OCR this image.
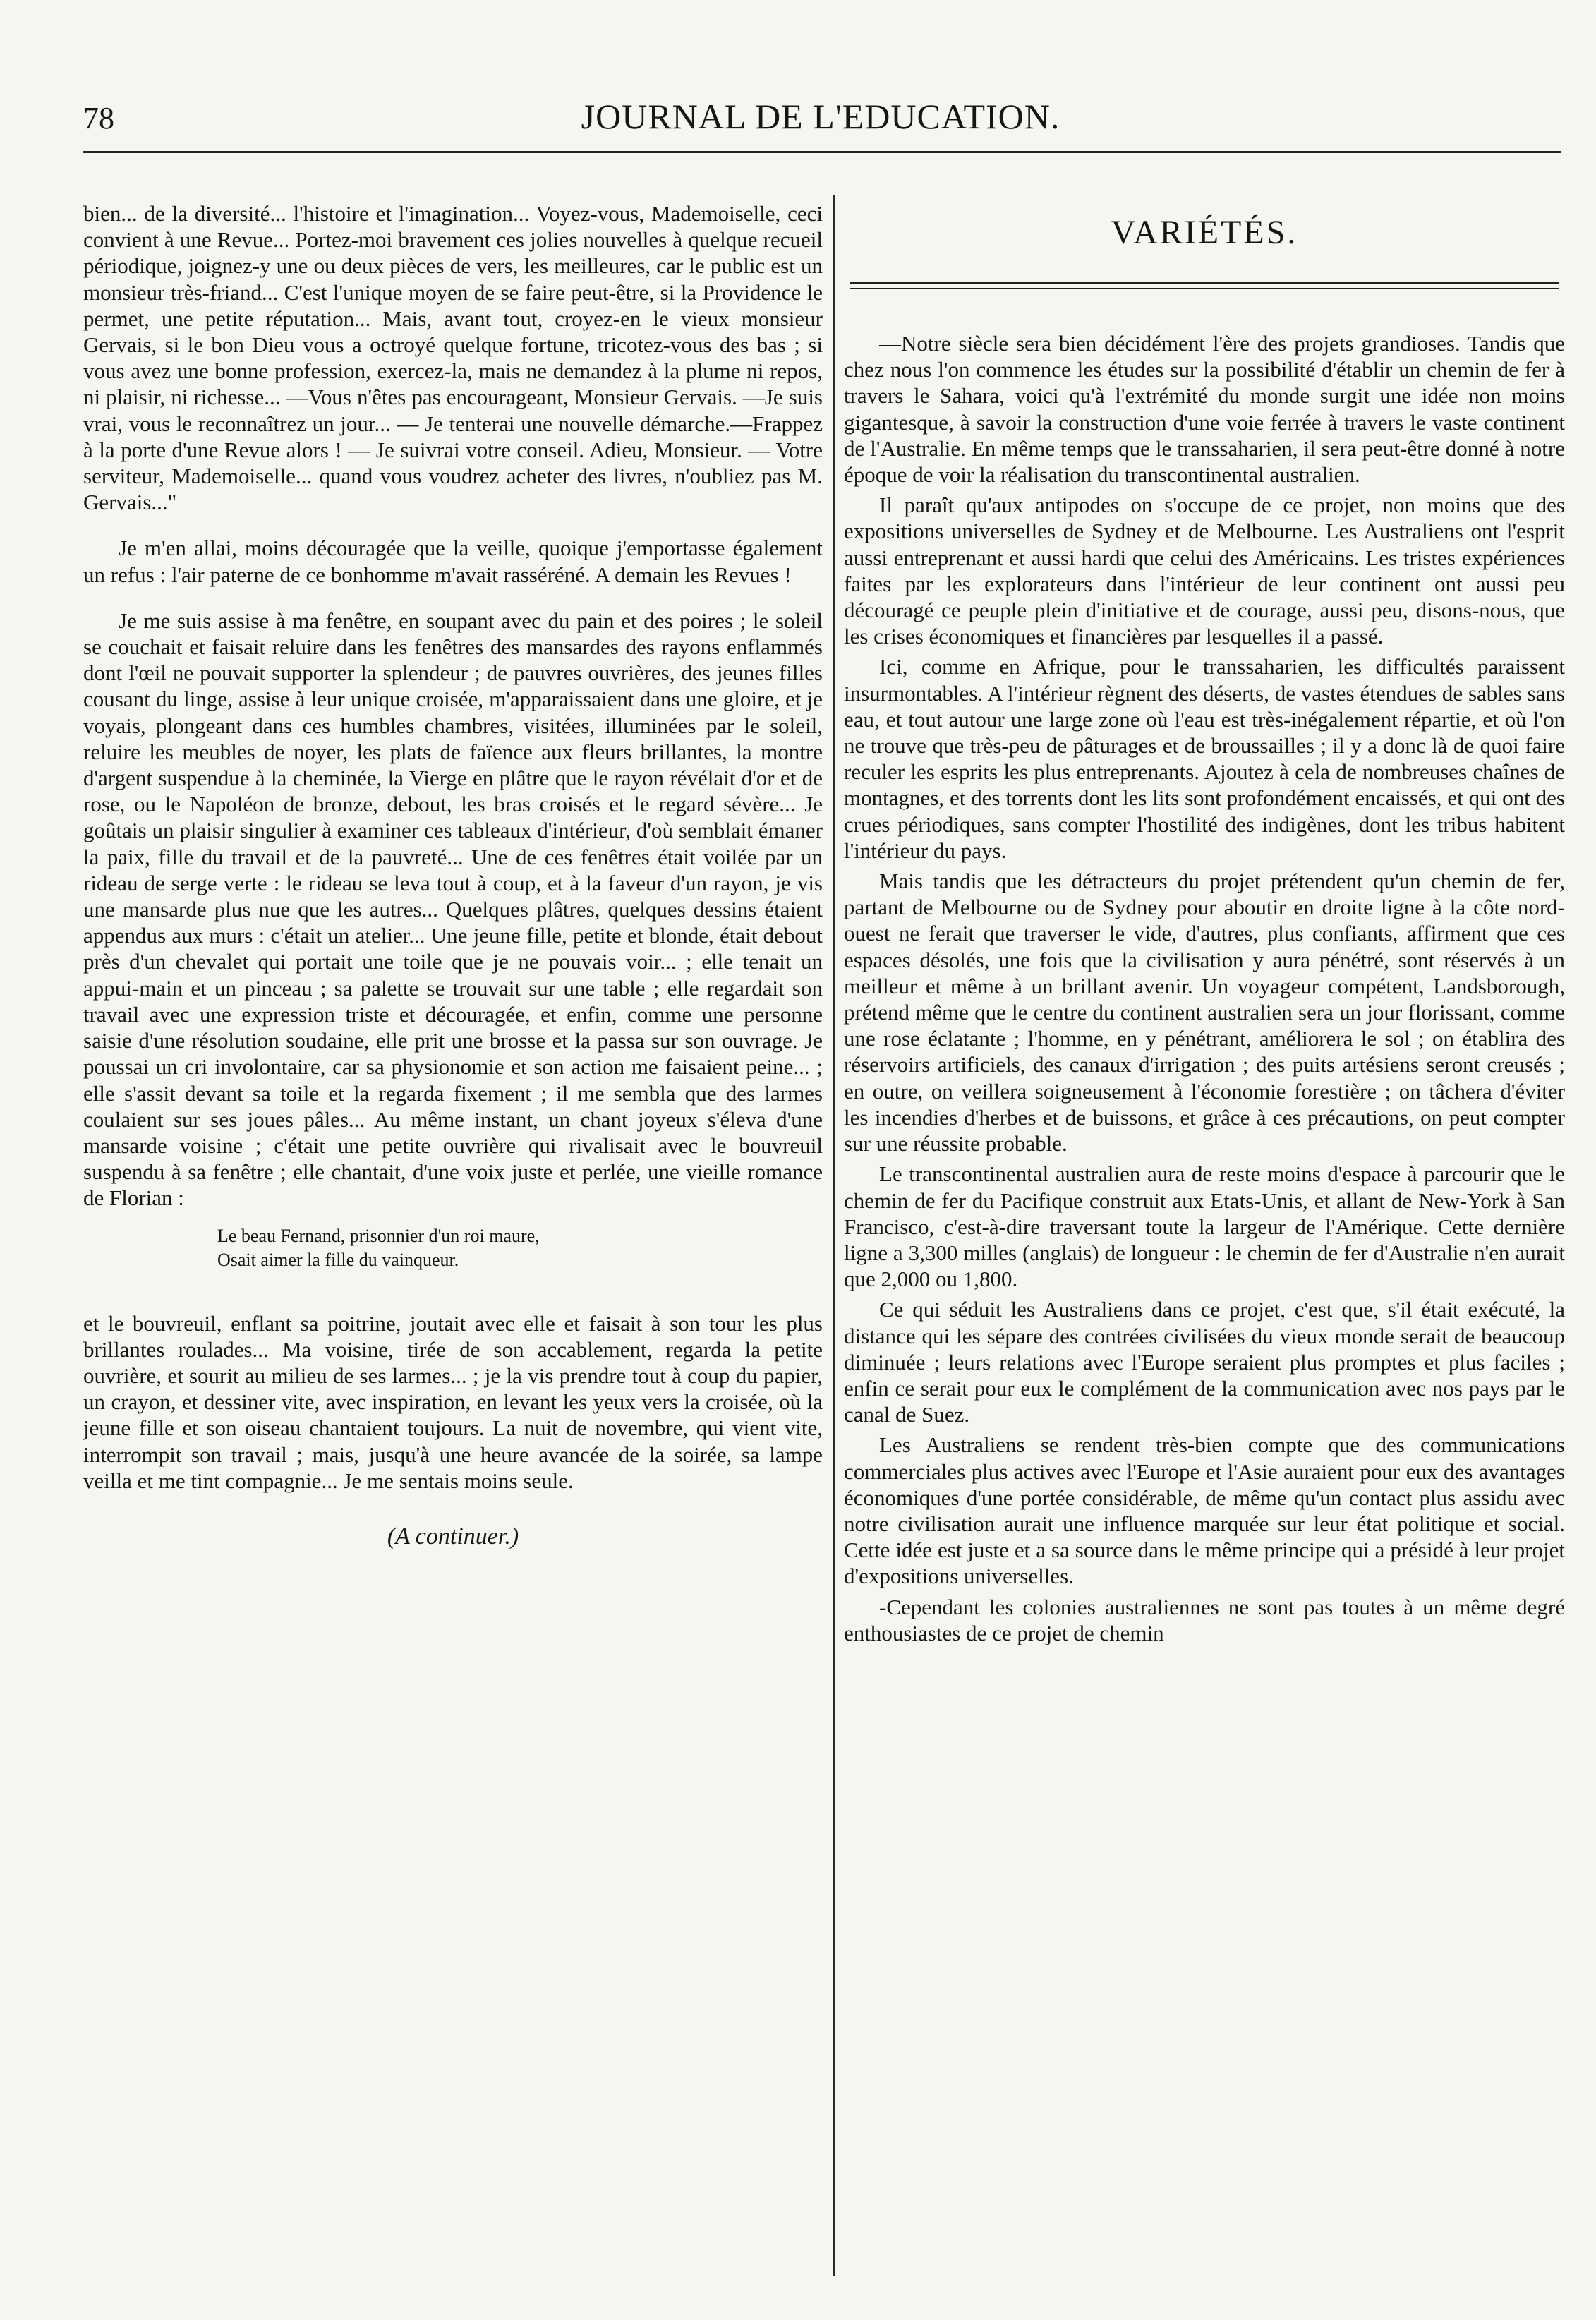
78	JOURNAL DE L'EDUCATION.

bien... de la diversité... l'histoire et l'imagination... Voyez-vous, Mademoiselle, ceci convient à une Revue... Portez-moi bravement ces jolies nouvelles à quelque recueil périodique, joignez-y une ou deux pièces de vers, les meilleures, car le public est un monsieur très-friand... C'est l'unique moyen de se faire peut-être, si la Providence le permet, une petite réputation... Mais, avant tout, croyez-en le vieux monsieur Gervais, si le bon Dieu vous a octroyé quelque fortune, tricotez-vous des bas ; si vous avez une bonne profession, exercez-la, mais ne demandez à la plume ni repos, ni plaisir, ni richesse... —Vous n'êtes pas encourageant, Monsieur Gervais. —Je suis vrai, vous le reconnaîtrez un jour... — Je tenterai une nouvelle démarche.—Frappez à la porte d'une Revue alors ! — Je suivrai votre conseil. Adieu, Monsieur. — Votre serviteur, Mademoiselle... quand vous voudrez acheter des livres, n'oubliez pas M. Gervais..."

Je m'en allai, moins découragée que la veille, quoique j'emportasse également un refus : l'air paterne de ce bonhomme m'avait rasséréné. A demain les Revues !

Je me suis assise à ma fenêtre, en soupant avec du pain et des poires ; le soleil se couchait et faisait reluire dans les fenêtres des mansardes des rayons enflammés dont l'œil ne pouvait supporter la splendeur ; de pauvres ouvrières, des jeunes filles cousant du linge, assise à leur unique croisée, m'apparaissaient dans une gloire, et je voyais, plongeant dans ces humbles chambres, visitées, illuminées par le soleil, reluire les meubles de noyer, les plats de faïence aux fleurs brillantes, la montre d'argent suspendue à la cheminée, la Vierge en plâtre que le rayon révélait d'or et de rose, ou le Napoléon de bronze, debout, les bras croisés et le regard sévère... Je goûtais un plaisir singulier à examiner ces tableaux d'intérieur, d'où semblait émaner la paix, fille du travail et de la pauvreté... Une de ces fenêtres était voilée par un rideau de serge verte : le rideau se leva tout à coup, et à la faveur d'un rayon, je vis une mansarde plus nue que les autres... Quelques plâtres, quelques dessins étaient appendus aux murs : c'était un atelier... Une jeune fille, petite et blonde, était debout près d'un chevalet qui portait une toile que je ne pouvais voir... ; elle tenait un appui-main et un pinceau ; sa palette se trouvait sur une table ; elle regardait son travail avec une expression triste et découragée, et enfin, comme une personne saisie d'une résolution soudaine, elle prit une brosse et la passa sur son ouvrage. Je poussai un cri involontaire, car sa physionomie et son action me faisaient peine... ; elle s'assit devant sa toile et la regarda fixement ; il me sembla que des larmes coulaient sur ses joues pâles... Au même instant, un chant joyeux s'éleva d'une mansarde voisine ; c'était une petite ouvrière qui rivalisait avec le bouvreuil suspendu à sa fenêtre ; elle chantait, d'une voix juste et perlée, une vieille romance de Florian :

Le beau Fernand, prisonnier d'un roi maure,
Osait aimer la fille du vainqueur.

et le bouvreuil, enflant sa poitrine, joutait avec elle et faisait à son tour les plus brillantes roulades... Ma voisine, tirée de son accablement, regarda la petite ouvrière, et sourit au milieu de ses larmes... ; je la vis prendre tout à coup du papier, un crayon, et dessiner vite, avec inspiration, en levant les yeux vers la croisée, où la jeune fille et son oiseau chantaient toujours. La nuit de novembre, qui vient vite, interrompit son travail ; mais, jusqu'à une heure avancée de la soirée, sa lampe veilla et me tint compagnie... Je me sentais moins seule.

(A continuer.)
VARIÉTÉS.

—Notre siècle sera bien décidément l'ère des projets grandioses. Tandis que chez nous l'on commence les études sur la possibilité d'établir un chemin de fer à travers le Sahara, voici qu'à l'extrémité du monde surgit une idée non moins gigantesque, à savoir la construction d'une voie ferrée à travers le vaste continent de l'Australie. En même temps que le transsaharien, il sera peut-être donné à notre époque de voir la réalisation du transcontinental australien.

Il paraît qu'aux antipodes on s'occupe de ce projet, non moins que des expositions universelles de Sydney et de Melbourne. Les Australiens ont l'esprit aussi entreprenant et aussi hardi que celui des Américains. Les tristes expériences faites par les explorateurs dans l'intérieur de leur continent ont aussi peu découragé ce peuple plein d'initiative et de courage, aussi peu, disons-nous, que les crises économiques et financières par lesquelles il a passé.

Ici, comme en Afrique, pour le transsaharien, les difficultés paraissent insurmontables. A l'intérieur règnent des déserts, de vastes étendues de sables sans eau, et tout autour une large zone où l'eau est très-inégalement répartie, et où l'on ne trouve que très-peu de pâturages et de broussailles ; il y a donc là de quoi faire reculer les esprits les plus entreprenants. Ajoutez à cela de nombreuses chaînes de montagnes, et des torrents dont les lits sont profondément encaissés, et qui ont des crues périodiques, sans compter l'hostilité des indigènes, dont les tribus habitent l'intérieur du pays.

Mais tandis que les détracteurs du projet prétendent qu'un chemin de fer, partant de Melbourne ou de Sydney pour aboutir en droite ligne à la côte nord-ouest ne ferait que traverser le vide, d'autres, plus confiants, affirment que ces espaces désolés, une fois que la civilisation y aura pénétré, sont réservés à un meilleur et même à un brillant avenir. Un voyageur compétent, Landsborough, prétend même que le centre du continent australien sera un jour florissant, comme une rose éclatante ; l'homme, en y pénétrant, améliorera le sol ; on établira des réservoirs artificiels, des canaux d'irrigation ; des puits artésiens seront creusés ; en outre, on veillera soigneusement à l'économie forestière ; on tâchera d'éviter les incendies d'herbes et de buissons, et grâce à ces précautions, on peut compter sur une réussite probable.

Le transcontinental australien aura de reste moins d'espace à parcourir que le chemin de fer du Pacifique construit aux Etats-Unis, et allant de New-York à San Francisco, c'est-à-dire traversant toute la largeur de l'Amérique. Cette dernière ligne a 3,300 milles (anglais) de longueur : le chemin de fer d'Australie n'en aurait que 2,000 ou 1,800.

Ce qui séduit les Australiens dans ce projet, c'est que, s'il était exécuté, la distance qui les sépare des contrées civilisées du vieux monde serait de beaucoup diminuée ; leurs relations avec l'Europe seraient plus promptes et plus faciles ; enfin ce serait pour eux le complément de la communication avec nos pays par le canal de Suez.

Les Australiens se rendent très-bien compte que des communications commerciales plus actives avec l'Europe et l'Asie auraient pour eux des avantages économiques d'une portée considérable, de même qu'un contact plus assidu avec notre civilisation aurait une influence marquée sur leur état politique et social. Cette idée est juste et a sa source dans le même principe qui a présidé à leur projet d'expositions universelles.

-Cependant les colonies australiennes ne sont pas toutes à un même degré enthousiastes de ce projet de chemin
